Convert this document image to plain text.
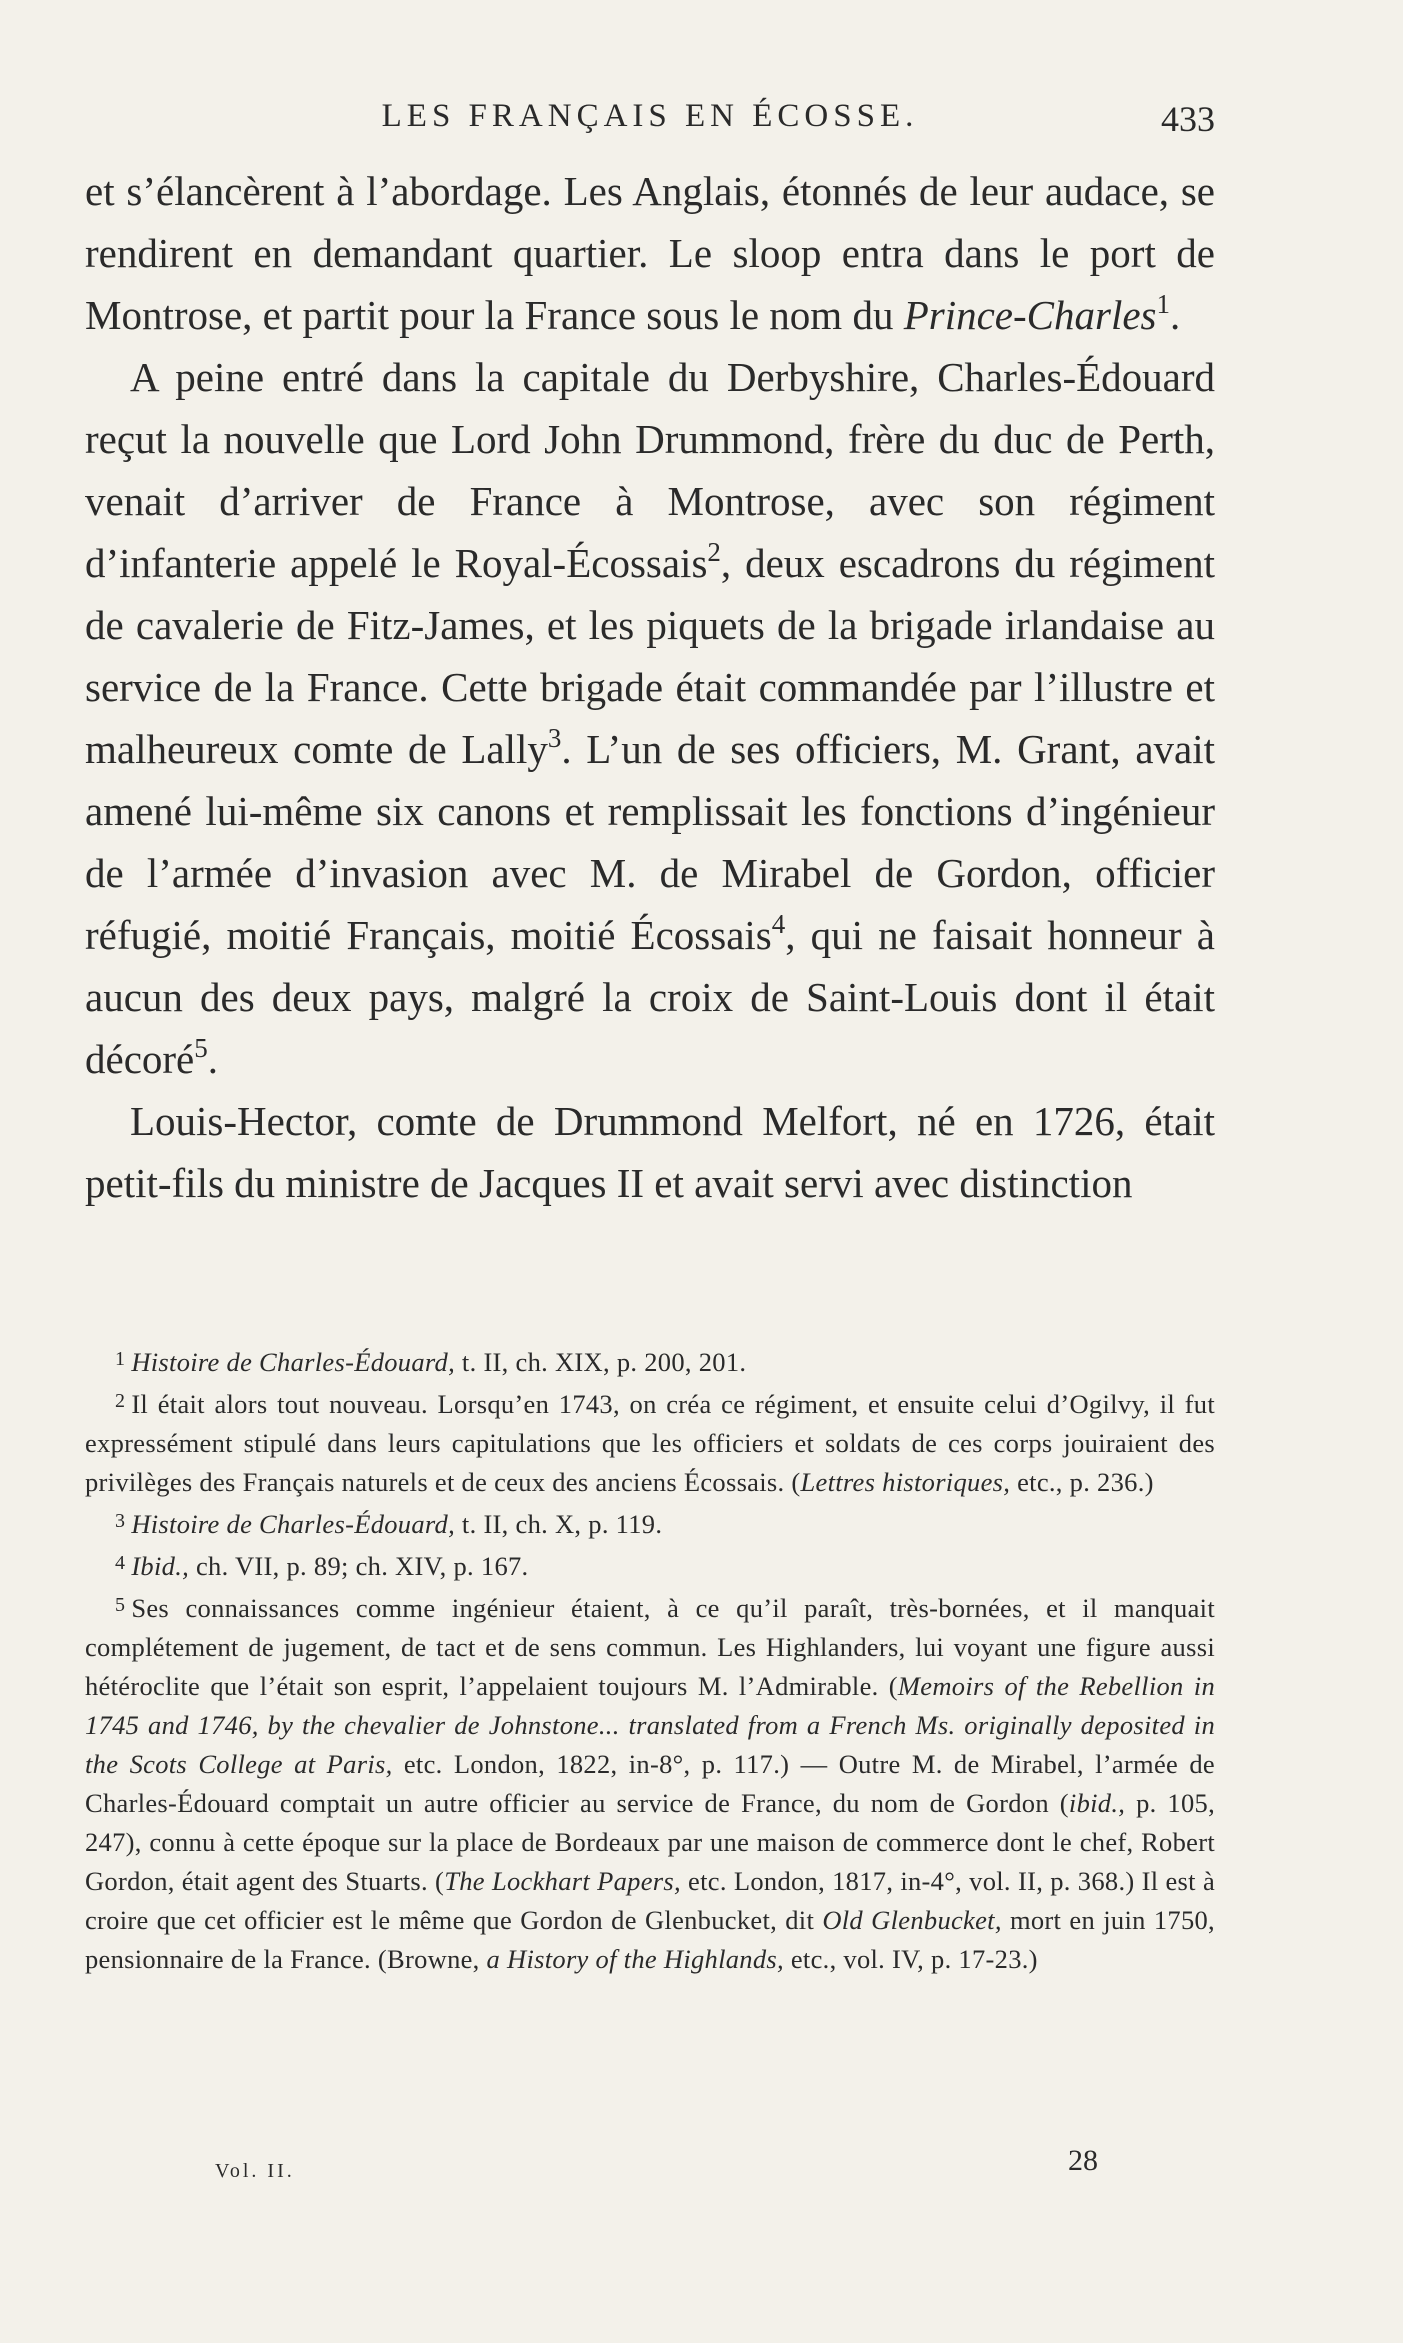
LES FRANÇAIS EN ÉCOSSE.	433

et s’élancèrent à l’abordage. Les Anglais, étonnés de leur audace, se rendirent en demandant quartier. Le sloop entra dans le port de Montrose, et partit pour la France sous le nom du Prince-Charles$^1$.

A peine entré dans la capitale du Derbyshire, Charles-Édouard reçut la nouvelle que Lord John Drummond, frère du duc de Perth, venait d’arriver de France à Montrose, avec son régiment d’infanterie appelé le Royal-Écossais$^2$, deux escadrons du régiment de cavalerie de Fitz-James, et les piquets de la brigade irlandaise au service de la France. Cette brigade était commandée par l’illustre et malheureux comte de Lally$^3$. L’un de ses officiers, M. Grant, avait amené lui-même six canons et remplissait les fonctions d’ingénieur de l’armée d’invasion avec M. de Mirabel de Gordon, officier réfugié, moitié Français, moitié Écossais$^4$, qui ne faisait honneur à aucun des deux pays, malgré la croix de Saint-Louis dont il était décoré$^5$.

Louis-Hector, comte de Drummond Melfort, né en 1726, était petit-fils du ministre de Jacques II et avait servi avec distinction

$^1$ Histoire de Charles-Édouard, t. II, ch. XIX, p. 200, 201.

$^2$ Il était alors tout nouveau. Lorsqu’en 1743, on créa ce régiment, et ensuite celui d’Ogilvy, il fut expressément stipulé dans leurs capitulations que les officiers et soldats de ces corps jouiraient des privilèges des Français naturels et de ceux des anciens Écossais. (Lettres historiques, etc., p. 236.)

$^3$ Histoire de Charles-Édouard, t. II, ch. X, p. 119.

$^4$ Ibid., ch. VII, p. 89; ch. XIV, p. 167.

$^5$ Ses connaissances comme ingénieur étaient, à ce qu’il paraît, très-bornées, et il manquait complétement de jugement, de tact et de sens commun. Les Highlanders, lui voyant une figure aussi hétéroclite que l’était son esprit, l’appelaient toujours M. l’Admirable. (Memoirs of the Rebellion in 1745 and 1746, by the chevalier de Johnstone... translated from a French Ms. originally deposited in the Scots College at Paris, etc. London, 1822, in-8°, p. 117.) — Outre M. de Mirabel, l’armée de Charles-Édouard comptait un autre officier au service de France, du nom de Gordon (ibid., p. 105, 247), connu à cette époque sur la place de Bordeaux par une maison de commerce dont le chef, Robert Gordon, était agent des Stuarts. (The Lockhart Papers, etc. London, 1817, in-4°, vol. II, p. 368.) Il est à croire que cet officier est le même que Gordon de Glenbucket, dit Old Glenbucket, mort en juin 1750, pensionnaire de la France. (Browne, a History of the Highlands, etc., vol. IV, p. 17-23.)

Vol. II.	28
